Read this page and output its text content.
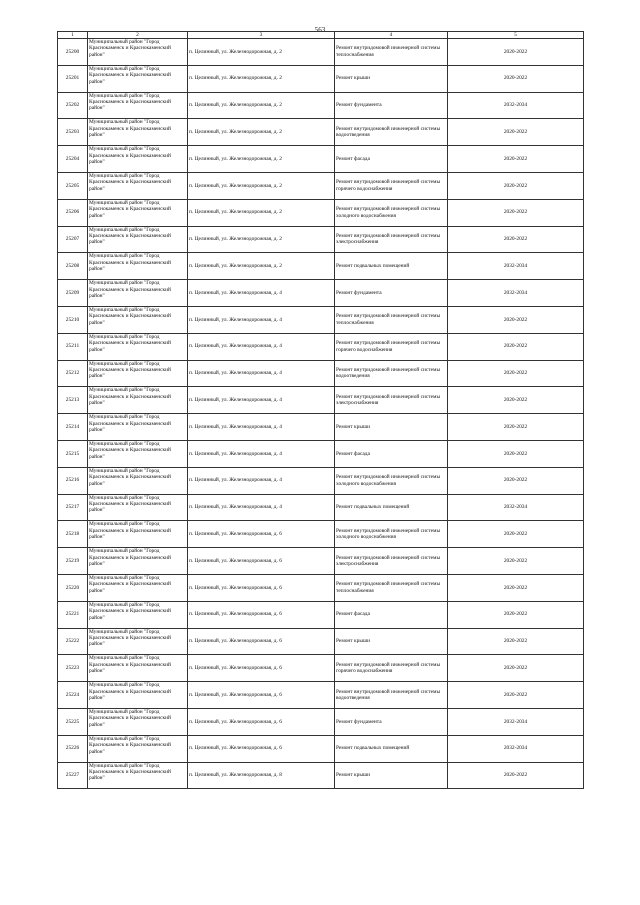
563
1	2	3	4	5
25200	Муниципальный район "Город Краснокаменск и Краснокаменский район"	п. Целинный, ул. Железнодорожная, д. 2	Ремонт внутридомовой инженерной системы теплоснабжения	2020-2022
25201	Муниципальный район "Город Краснокаменск и Краснокаменский район"	п. Целинный, ул. Железнодорожная, д. 2	Ремонт крыши	2020-2022
25202	Муниципальный район "Город Краснокаменск и Краснокаменский район"	п. Целинный, ул. Железнодорожная, д. 2	Ремонт фундамента	2032-2034
25203	Муниципальный район "Город Краснокаменск и Краснокаменский район"	п. Целинный, ул. Железнодорожная, д. 2	Ремонт внутридомовой инженерной системы водоотведения	2020-2022
25204	Муниципальный район "Город Краснокаменск и Краснокаменский район"	п. Целинный, ул. Железнодорожная, д. 2	Ремонт фасада	2020-2022
25205	Муниципальный район "Город Краснокаменск и Краснокаменский район"	п. Целинный, ул. Железнодорожная, д. 2	Ремонт внутридомовой инженерной системы горячего водоснабжения	2020-2022
25206	Муниципальный район "Город Краснокаменск и Краснокаменский район"	п. Целинный, ул. Железнодорожная, д. 2	Ремонт внутридомовой инженерной системы холодного водоснабжения	2020-2022
25207	Муниципальный район "Город Краснокаменск и Краснокаменский район"	п. Целинный, ул. Железнодорожная, д. 2	Ремонт внутридомовой инженерной системы электроснабжения	2020-2022
25208	Муниципальный район "Город Краснокаменск и Краснокаменский район"	п. Целинный, ул. Железнодорожная, д. 2	Ремонт подвальных помещений	2032-2034
25209	Муниципальный район "Город Краснокаменск и Краснокаменский район"	п. Целинный, ул. Железнодорожная, д. 4	Ремонт фундамента	2032-2034
25210	Муниципальный район "Город Краснокаменск и Краснокаменский район"	п. Целинный, ул. Железнодорожная, д. 4	Ремонт внутридомовой инженерной системы теплоснабжения	2020-2022
25211	Муниципальный район "Город Краснокаменск и Краснокаменский район"	п. Целинный, ул. Железнодорожная, д. 4	Ремонт внутридомовой инженерной системы горячего водоснабжения	2020-2022
25212	Муниципальный район "Город Краснокаменск и Краснокаменский район"	п. Целинный, ул. Железнодорожная, д. 4	Ремонт внутридомовой инженерной системы водоотведения	2020-2022
25213	Муниципальный район "Город Краснокаменск и Краснокаменский район"	п. Целинный, ул. Железнодорожная, д. 4	Ремонт внутридомовой инженерной системы электроснабжения	2020-2022
25214	Муниципальный район "Город Краснокаменск и Краснокаменский район"	п. Целинный, ул. Железнодорожная, д. 4	Ремонт крыши	2020-2022
25215	Муниципальный район "Город Краснокаменск и Краснокаменский район"	п. Целинный, ул. Железнодорожная, д. 4	Ремонт фасада	2020-2022
25216	Муниципальный район "Город Краснокаменск и Краснокаменский район"	п. Целинный, ул. Железнодорожная, д. 4	Ремонт внутридомовой инженерной системы холодного водоснабжения	2020-2022
25217	Муниципальный район "Город Краснокаменск и Краснокаменский район"	п. Целинный, ул. Железнодорожная, д. 4	Ремонт подвальных помещений	2032-2034
25218	Муниципальный район "Город Краснокаменск и Краснокаменский район"	п. Целинный, ул. Железнодорожная, д. 6	Ремонт внутридомовой инженерной системы холодного водоснабжения	2020-2022
25219	Муниципальный район "Город Краснокаменск и Краснокаменский район"	п. Целинный, ул. Железнодорожная, д. 6	Ремонт внутридомовой инженерной системы электроснабжения	2020-2022
25220	Муниципальный район "Город Краснокаменск и Краснокаменский район"	п. Целинный, ул. Железнодорожная, д. 6	Ремонт внутридомовой инженерной системы теплоснабжения	2020-2022
25221	Муниципальный район "Город Краснокаменск и Краснокаменский район"	п. Целинный, ул. Железнодорожная, д. 6	Ремонт фасада	2020-2022
25222	Муниципальный район "Город Краснокаменск и Краснокаменский район"	п. Целинный, ул. Железнодорожная, д. 6	Ремонт крыши	2020-2022
25223	Муниципальный район "Город Краснокаменск и Краснокаменский район"	п. Целинный, ул. Железнодорожная, д. 6	Ремонт внутридомовой инженерной системы горячего водоснабжения	2020-2022
25224	Муниципальный район "Город Краснокаменск и Краснокаменский район"	п. Целинный, ул. Железнодорожная, д. 6	Ремонт внутридомовой инженерной системы водоотведения	2020-2022
25225	Муниципальный район "Город Краснокаменск и Краснокаменский район"	п. Целинный, ул. Железнодорожная, д. 6	Ремонт фундамента	2032-2034
25226	Муниципальный район "Город Краснокаменск и Краснокаменский район"	п. Целинный, ул. Железнодорожная, д. 6	Ремонт подвальных помещений	2032-2034
25227	Муниципальный район "Город Краснокаменск и Краснокаменский район"	п. Целинный, ул. Железнодорожная, д. 8	Ремонт крыши	2020-2022
